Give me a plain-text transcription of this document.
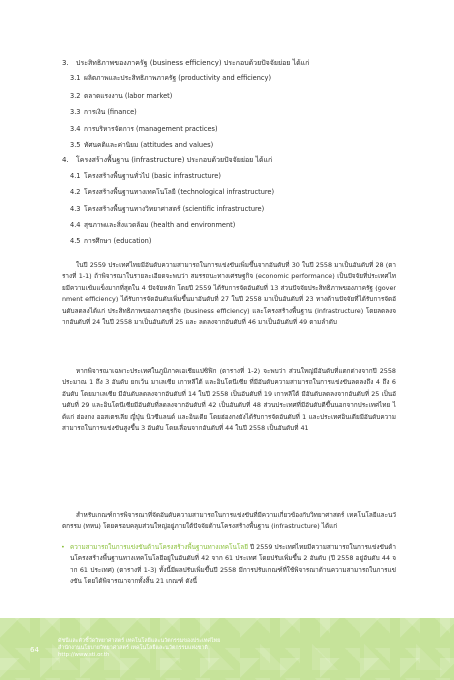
3. ประสิทธิภาพของภาครัฐ (business efficiency) ประกอบด้วยปัจจัยย่อย ได้แก่
3.1 ผลิตภาพและประสิทธิภาพภาครัฐ (productivity and efficiency)
3.2 ตลาดแรงงาน (labor market)
3.3 การเงิน (finance)
3.4 การบริหารจัดการ (management practices)
3.5 ทัศนคติและค่านิยม (attitudes and values)
4. โครงสร้างพื้นฐาน (infrastructure) ประกอบด้วยปัจจัยย่อย ได้แก่
4.1 โครงสร้างพื้นฐานทั่วไป (basic infrastructure)
4.2 โครงสร้างพื้นฐานทางเทคโนโลยี (technological infrastructure)
4.3 โครงสร้างพื้นฐานทางวิทยาศาสตร์ (scientific infrastructure)
4.4 สุขภาพและสิ่งแวดล้อม (health and environment)
4.5 การศึกษา (education)

ในปี 2559 ประเทศไทยมีอันดับความสามารถในการแข่งขันเพิ่มขึ้นจากอันดับที่ 30 ในปี 2558 มาเป็นอันดับที่ 28 (ตารางที่ 1-1) ถ้าพิจารณาในรายละเอียดจะพบว่า สมรรถนะทางเศรษฐกิจ (economic performance) เป็นปัจจัยที่ประเทศไทยมีความเข้มแข็งมากที่สุดใน 4 ปัจจัยหลัก โดยปี 2559 ได้รับการจัดอันดับที่ 13 ส่วนปัจจัยประสิทธิภาพของภาครัฐ (government efficiency) ได้รับการจัดอันดับเพิ่มขึ้นมาอันดับที่ 27 ในปี 2558 มาเป็นอันดับที่ 23 ทางด้านปัจจัยที่ได้รับการจัดอันดับลดลงได้แก่ ประสิทธิภาพของภาคธุรกิจ (business efficiency) และโครงสร้างพื้นฐาน (infrastructure) โดยลดลงจากอันดับที่ 24 ในปี 2558 มาเป็นอันดับที่ 25 และ ลดลงจากอันดับที่ 46 มาเป็นอันดับที่ 49 ตามลำดับ

หากพิจารณาเฉพาะประเทศในภูมิภาคเอเชียแปซิฟิก (ตารางที่ 1-2) จะพบว่า ส่วนใหญ่มีอันดับที่แตกต่างจากปี 2558 ประมาณ 1 ถึง 3 อันดับ ยกเว้น มาเลเซีย เกาหลีใต้ และอินโดนีเซีย ที่มีอันดับความสามารถในการแข่งขันลดลงถึง 4 ถึง 6 อันดับ โดยมาเลเซีย มีอันดับลดลงจากอันดับที่ 14 ในปี 2558 เป็นอันดับที่ 19 เกาหลีใต้ มีอันดับลดลงจากอันดับที่ 25 เป็นอันดับที่ 29 และอินโดนีเซียมีอันดับที่ลดลงจากอันดับที่ 42 เป็นอันดับที่ 48 ส่วนประเทศที่มีอันดับดีขึ้นนอกจากประเทศไทย ได้แก่ ฮ่องกง ออสเตรเลีย ญี่ปุ่น นิวซีแลนด์ และอินเดีย โดยฮ่องกงยังได้รับการจัดอันดับที่ 1 และประเทศอินเดียมีอันดับความสามารถในการแข่งขันสูงขึ้น 3 อันดับ โดยเลื่อนจากอันดับที่ 44 ในปี 2558 เป็นอันดับที่ 41

สำหรับเกณฑ์การพิจารณาที่จัดอันดับความสามารถในการแข่งขันที่มีความเกี่ยวข้องกับวิทยาศาสตร์ เทคโนโลยีและนวัตกรรม (ทหน) โดยครอบคลุมส่วนใหญ่อยู่ภายใต้ปัจจัยด้านโครงสร้างพื้นฐาน (infrastructure) ได้แก่

• ความสามารถในการแข่งขันด้านโครงสร้างพื้นฐานทางเทคโนโลยี ปี 2559 ประเทศไทยมีความสามารถในการแข่งขันด้านโครงสร้างพื้นฐานทางเทคโนโลยีอยู่ในอันดับที่ 42 จาก 61 ประเทศ โดยปรับเพิ่มขึ้น 2 อันดับ (ปี 2558 อยู่อันดับ 44 จาก 61 ประเทศ) (ตารางที่ 1-3) ทั้งนี้มีผลปรับเพิ่มขึ้นปี 2558 มีการปรับเกณฑ์ที่ใช้พิจารณาด้านความสามารถในการแข่งขัน โดยได้พิจารณาจากทั้งสิ้น 21 เกณฑ์ ดังนี้
64
ดัชนีและตัวชี้วัดวิทยาศาสตร์ เทคโนโลยีและนวัตกรรมของประเทศไทย
สำนักงานนโยบายวิทยาศาสตร์ เทคโนโลยีและนวัตกรรมแห่งชาติ
http://www.sti.or.th
